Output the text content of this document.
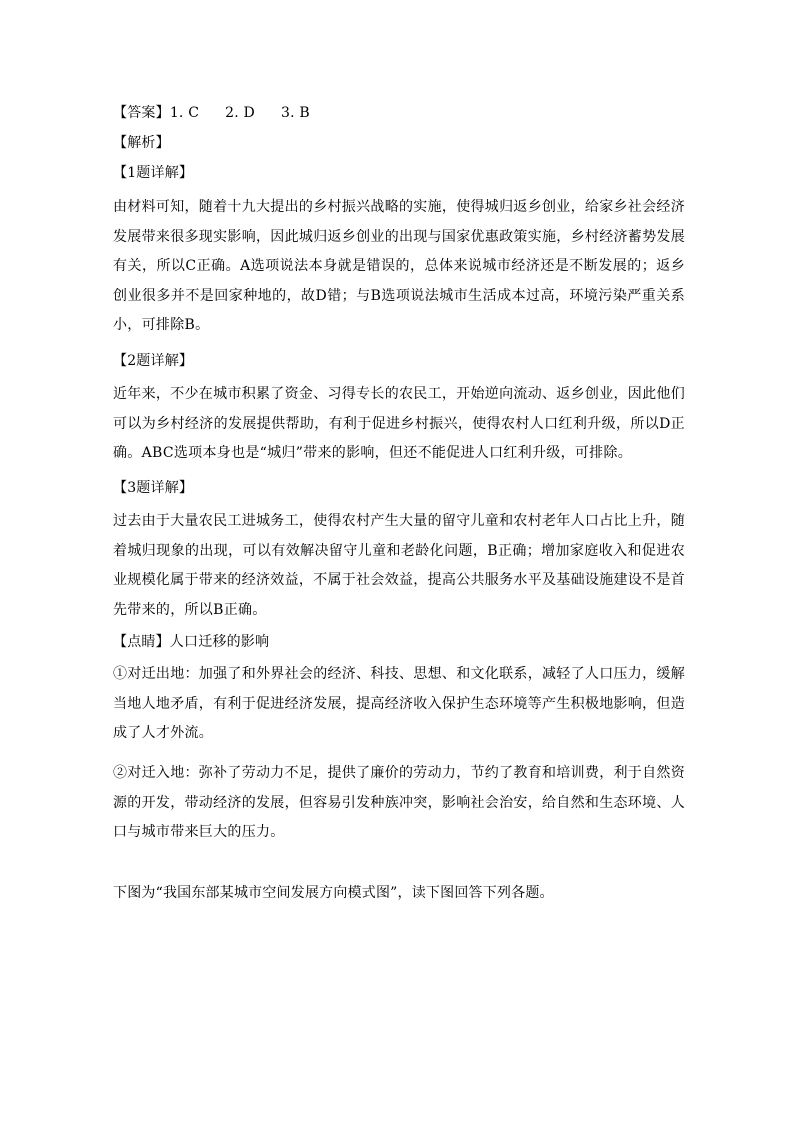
【答案】1. C 2. D 3. B
【解析】
【1题详解】
由材料可知，随着十九大提出的乡村振兴战略的实施，使得城归返乡创业，给家乡社会经济发展带来很多现实影响，因此城归返乡创业的出现与国家优惠政策实施，乡村经济蓄势发展有关，所以C正确。A选项说法本身就是错误的，总体来说城市经济还是不断发展的；返乡创业很多并不是回家种地的，故D错；与B选项说法城市生活成本过高，环境污染严重关系小，可排除B。
【2题详解】
近年来，不少在城市积累了资金、习得专长的农民工，开始逆向流动、返乡创业，因此他们可以为乡村经济的发展提供帮助，有利于促进乡村振兴，使得农村人口红利升级，所以D正确。ABC选项本身也是“城归”带来的影响，但还不能促进人口红利升级，可排除。
【3题详解】
过去由于大量农民工进城务工，使得农村产生大量的留守儿童和农村老年人口占比上升，随着城归现象的出现，可以有效解决留守儿童和老龄化问题，B正确；增加家庭收入和促进农业规模化属于带来的经济效益，不属于社会效益，提高公共服务水平及基础设施建设不是首先带来的，所以B正确。
【点睛】人口迁移的影响
①对迁出地：加强了和外界社会的经济、科技、思想、和文化联系，减轻了人口压力，缓解当地人地矛盾，有利于促进经济发展，提高经济收入保护生态环境等产生积极地影响，但造成了人才外流。
②对迁入地：弥补了劳动力不足，提供了廉价的劳动力，节约了教育和培训费，利于自然资源的开发，带动经济的发展，但容易引发种族冲突，影响社会治安，给自然和生态环境、人口与城市带来巨大的压力。
下图为“我国东部某城市空间发展方向模式图”，读下图回答下列各题。
